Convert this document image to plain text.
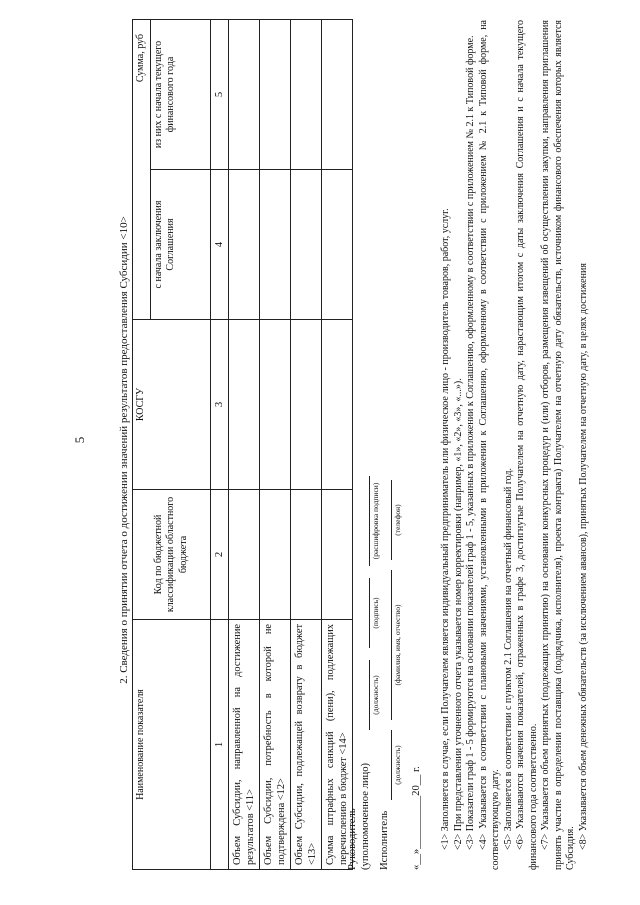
5	2. Сведения о принятии отчета о достижении значений результатов предоставления Субсидии <10>
Наименование показателя	Код по бюджетной классификации областного бюджета	КОСГУ	Сумма, руб	
			с начала заключения Соглашения	из них с начала текущего финансового года
1	2	3	4	5
Объем Субсидии, направленной на достижение результатов <11>				
Объем Субсидии, потребность в которой не подтверждена <12>				
Объем Субсидии, подлежащей возврату в бюджет <13>				
Сумма штрафных санкций (пени), подлежащих перечислению в бюджет <14>				
Руководитель (уполномоченное лицо)
(должность)
(подпись)
(расшифровка подписи)
Исполнитель
(должность)
(фамилия, имя, отчество)
(телефон)
«__»__________20__ г. <1> Заполняется в случае, если Получателем является индивидуальный предприниматель или физическое лицо - производитель товаров, работ, услуг. <2> При представлении уточненного отчета указывается номер корректировки (например, «1», «2», «3», «...»). <3> Показатели граф 1 - 5 формируются на основании показателей граф 1 - 5, указанных в приложении к Соглашению, оформленному в соответствии с приложением № 2.1 к Типовой форме. <4> Указывается в соответствии с плановыми значениями, установленными в приложении к Соглашению, оформленному в соответствии с приложением № 2.1 к Типовой форме, на соответствующую дату. <5> Заполняется в соответствии с пунктом 2.1 Соглашения на отчетный финансовый год. <6> Указываются значения показателей, отраженных в графе 3, достигнутые Получателем на отчетную дату, нарастающим итогом с даты заключения Соглашения и с начала текущего финансового года соответственно. <7> Указывается объем принятых (подлежащих принятию) на основании конкурсных процедур и (или) отборов, размещения извещений об осуществлении закупки, направления приглашения принять участие в определении поставщика (подрядчика, исполнителя), проекта контракта) Получателем на отчетную дату обязательств, источником финансового обеспечения которых является Субсидия. <8> Указывается объем денежных обязательств (за исключением авансов), принятых Получателем на отчетную дату, в целях достижения
